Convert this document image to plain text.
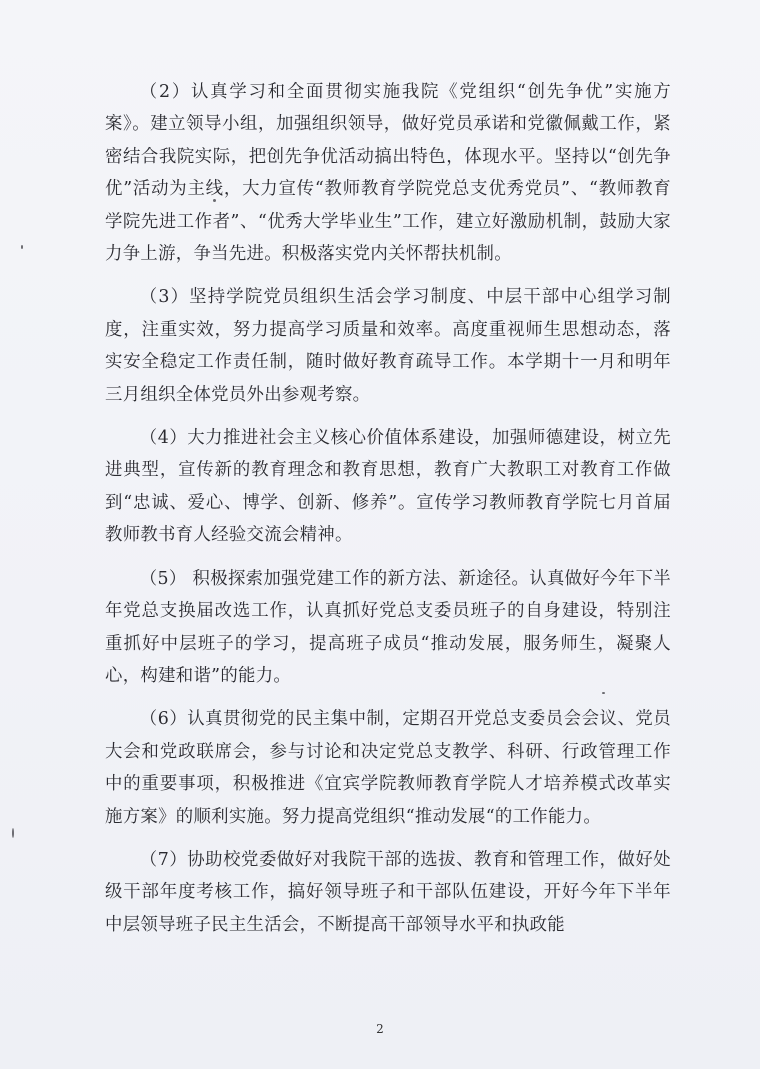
（2）认真学习和全面贯彻实施我院《党组织“创先争优”实施方案》。建立领导小组，加强组织领导，做好党员承诺和党徽佩戴工作，紧密结合我院实际，把创先争优活动搞出特色，体现水平。坚持以“创先争优”活动为主线，大力宣传“教师教育学院党总支优秀党员”、“教师教育学院先进工作者”、“优秀大学毕业生”工作，建立好激励机制，鼓励大家力争上游，争当先进。积极落实党内关怀帮扶机制。

（3）坚持学院党员组织生活会学习制度、中层干部中心组学习制度，注重实效，努力提高学习质量和效率。高度重视师生思想动态，落实安全稳定工作责任制，随时做好教育疏导工作。本学期十一月和明年三月组织全体党员外出参观考察。

（4）大力推进社会主义核心价值体系建设，加强师德建设，树立先进典型，宣传新的教育理念和教育思想，教育广大教职工对教育工作做到“忠诚、爱心、博学、创新、修养”。宣传学习教师教育学院七月首届教师教书育人经验交流会精神。

（5） 积极探索加强党建工作的新方法、新途径。认真做好今年下半年党总支换届改选工作，认真抓好党总支委员班子的自身建设，特别注重抓好中层班子的学习，提高班子成员“推动发展，服务师生，凝聚人心，构建和谐”的能力。

（6）认真贯彻党的民主集中制，定期召开党总支委员会会议、党员大会和党政联席会，参与讨论和决定党总支教学、科研、行政管理工作中的重要事项，积极推进《宜宾学院教师教育学院人才培养模式改革实施方案》的顺利实施。努力提高党组织“推动发展“的工作能力。

（7）协助校党委做好对我院干部的选拔、教育和管理工作，做好处级干部年度考核工作，搞好领导班子和干部队伍建设，开好今年下半年中层领导班子民主生活会，不断提高干部领导水平和执政能

2
